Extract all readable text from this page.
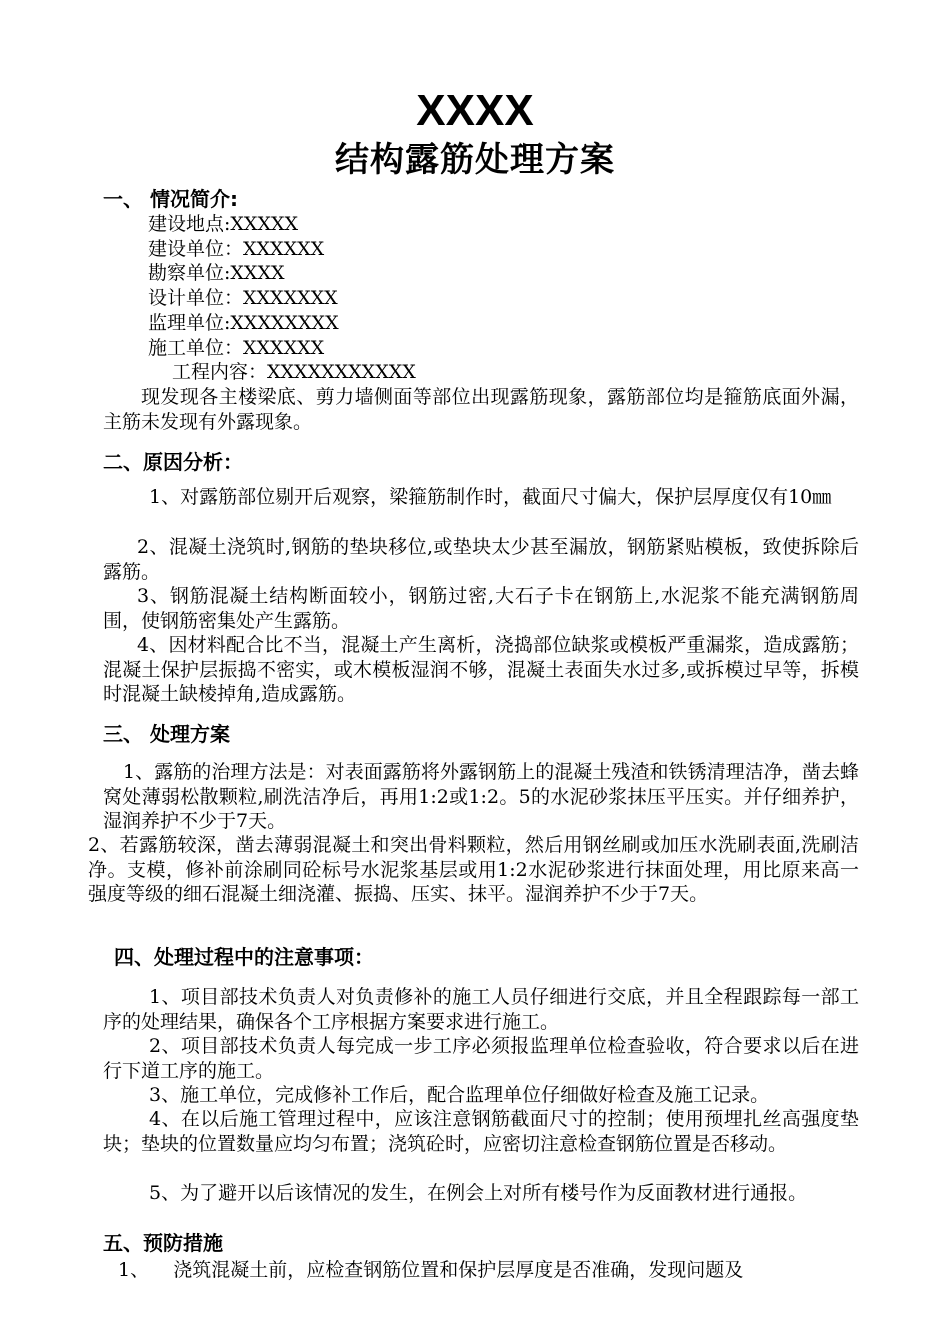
XXXX
结构露筋处理方案
一、 情况简介:
建设地点:XXXXX
建设单位：XXXXXX
勘察单位:XXXX
设计单位：XXXXXXX
监理单位:XXXXXXXX
施工单位：XXXXXX
工程内容：XXXXXXXXXXX
现发现各主楼梁底、剪力墙侧面等部位出现露筋现象，露筋部位均是箍筋底面外漏，主筋未发现有外露现象。
二、原因分析：
1、对露筋部位剔开后观察，梁箍筋制作时，截面尺寸偏大，保护层厚度仅有10㎜
2、混凝土浇筑时,钢筋的垫块移位,或垫块太少甚至漏放，钢筋紧贴模板，致使拆除后露筋。
3、钢筋混凝土结构断面较小，钢筋过密,大石子卡在钢筋上,水泥浆不能充满钢筋周围，使钢筋密集处产生露筋。
4、因材料配合比不当，混凝土产生离析，浇捣部位缺浆或模板严重漏浆，造成露筋；混凝土保护层振捣不密实，或木模板湿润不够，混凝土表面失水过多,或拆模过早等，拆模时混凝土缺棱掉角,造成露筋。
三、 处理方案
1、露筋的治理方法是：对表面露筋将外露钢筋上的混凝土残渣和铁锈清理洁净，凿去蜂窝处薄弱松散颗粒,刷洗洁净后，再用1:2或1:2。5的水泥砂浆抹压平压实。并仔细养护， 湿润养护不少于7天。
2、若露筋较深，凿去薄弱混凝土和突出骨料颗粒，然后用钢丝刷或加压水洗刷表面,洗刷洁净。支模，修补前涂刷同砼标号水泥浆基层或用1:2水泥砂浆进行抹面处理，用比原来高一强度等级的细石混凝土细浇灌、振捣、压实、抹平。湿润养护不少于7天。
四、处理过程中的注意事项：
1、项目部技术负责人对负责修补的施工人员仔细进行交底，并且全程跟踪每一部工序的处理结果，确保各个工序根据方案要求进行施工。
2、项目部技术负责人每完成一步工序必须报监理单位检查验收，符合要求以后在进行下道工序的施工。
3、施工单位，完成修补工作后，配合监理单位仔细做好检查及施工记录。
4、在以后施工管理过程中，应该注意钢筋截面尺寸的控制；使用预埋扎丝高强度垫块；垫块的位置数量应均匀布置；浇筑砼时，应密切注意检查钢筋位置是否移动。
5、为了避开以后该情况的发生，在例会上对所有楼号作为反面教材进行通报。
五、预防措施
1、    浇筑混凝土前，应检查钢筋位置和保护层厚度是否准确，发现问题及
